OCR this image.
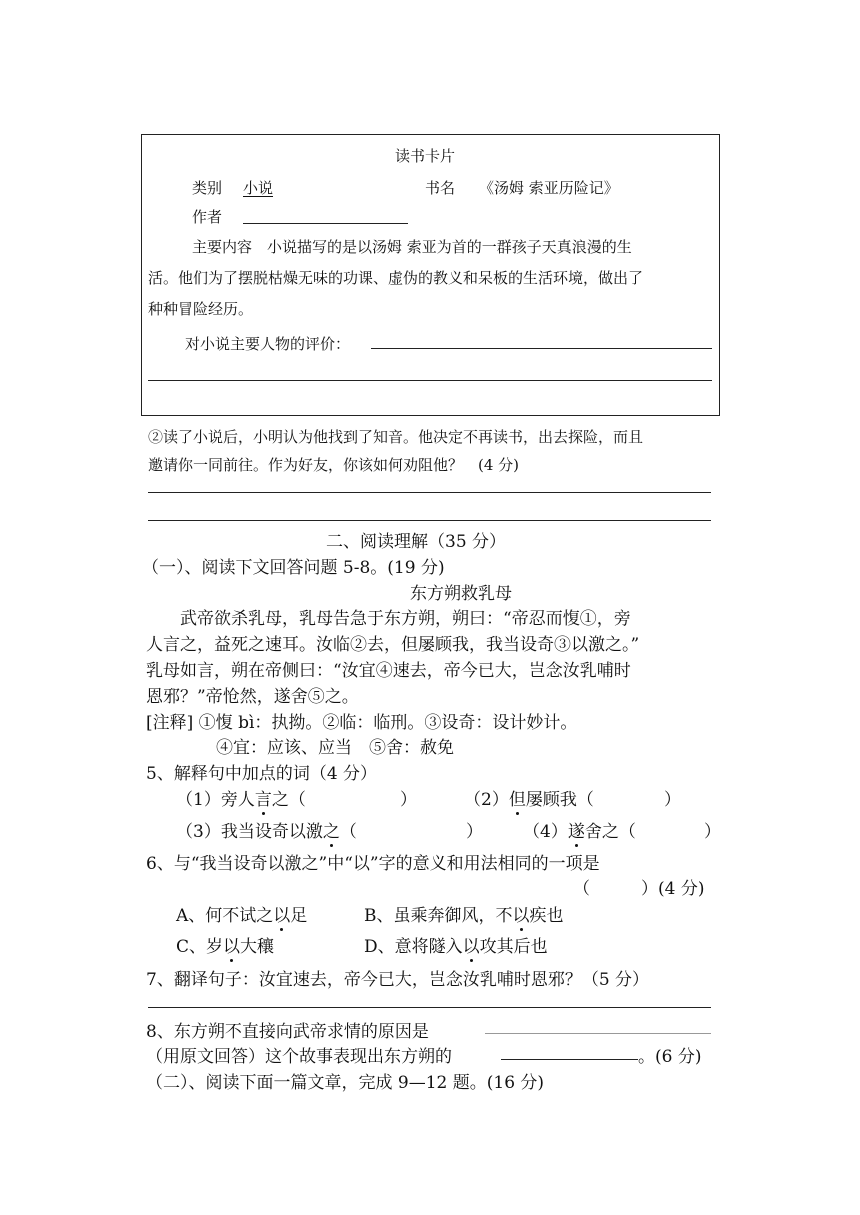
读书卡片
类别 小说	书名 《汤姆 索亚历险记》
作者
主要内容　小说描写的是以汤姆 索亚为首的一群孩子天真浪漫的生
活。他们为了摆脱枯燥无味的功课、虚伪的教义和呆板的生活环境，做出了
种种冒险经历。
对小说主要人物的评价：
②读了小说后，小明认为他找到了知音。他决定不再读书，出去探险，而且
邀请你一同前往。作为好友，你该如何劝阻他？　(4 分)
二、阅读理解（35 分）
（一）、阅读下文回答问题 5-8。(19 分)
东方朔救乳母
武帝欲杀乳母，乳母告急于东方朔，朔曰：“帝忍而愎①，旁
人言之，益死之速耳。汝临②去，但屡顾我，我当设奇③以激之。”
乳母如言，朔在帝侧曰：“汝宜④速去，帝今已大，岂念汝乳哺时
恩邪？”帝怆然，遂舍⑤之。
[注释] ①愎 bì：执拗。②临：临刑。③设奇：设计妙计。
④宜：应该、应当　⑤舍：赦免
5、解释句中加点的词（4 分）
（1）旁人言之（	）	（2）但屡顾我（	）
（3）我当设奇以激之（	） （4）遂舍之（	）
6、与“我当设奇以激之”中“以”字的意义和用法相同的一项是
（　　　）(4 分)
A、何不试之以足	B、虽乘奔御风，不以疾也
C、岁以大穰	D、意将隧入以攻其后也
7、翻译句子：汝宜速去，帝今已大，岂念汝乳哺时恩邪？（5 分）
8、东方朔不直接向武帝求情的原因是
（用原文回答）这个故事表现出东方朔的	。(6 分)
（二）、阅读下面一篇文章，完成 9—12 题。(16 分)
